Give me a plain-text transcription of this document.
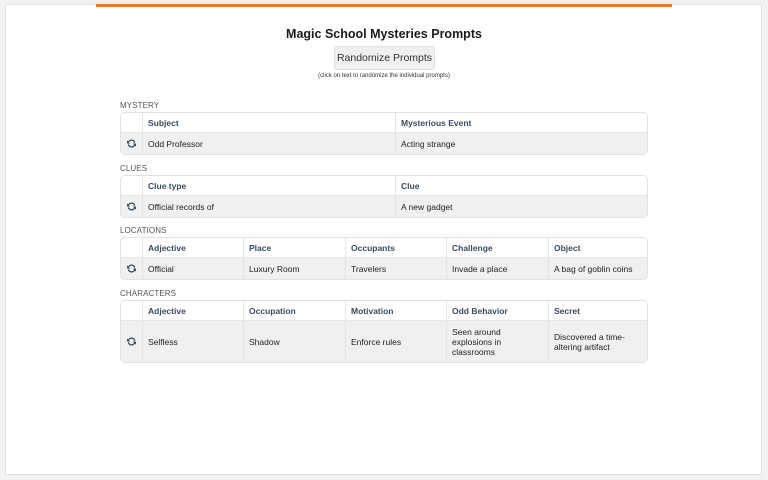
Magic School Mysteries Prompts
Randomize Prompts
(click on text to randomize the individual prompts)
MYSTERY
	Subject	Mysterious Event
	Odd Professor	Acting strange
CLUES
	Clue type	Clue
	Official records of	A new gadget
LOCATIONS
	Adjective	Place	Occupants	Challenge	Object
	Official	Luxury Room	Travelers	Invade a place	A bag of goblin coins
CHARACTERS
	Adjective	Occupation	Motivation	Odd Behavior	Secret
	Selfless	Shadow	Enforce rules	Seen around explosions in classrooms	Discovered a time-altering artifact
